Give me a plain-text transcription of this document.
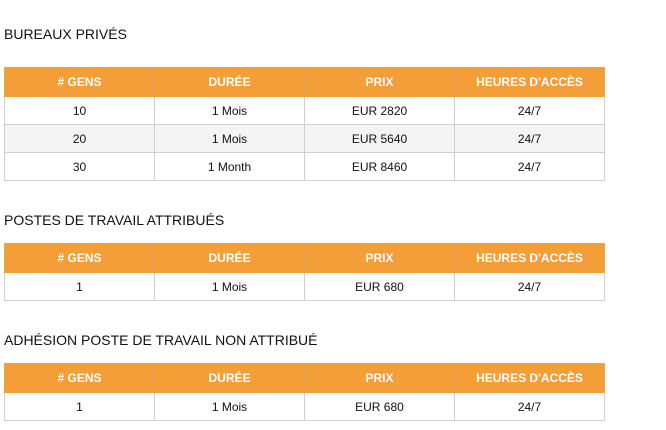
BUREAUX PRIVÉS
# GENS	DURÉE	PRIX	HEURES D'ACCÈS
10	1 Mois	EUR 2820	24/7
20	1 Mois	EUR 5640	24/7
30	1 Month	EUR 8460	24/7
POSTES DE TRAVAIL ATTRIBUÉS
# GENS	DURÉE	PRIX	HEURES D'ACCÈS
1	1 Mois	EUR 680	24/7
ADHÉSION POSTE DE TRAVAIL NON ATTRIBUÉ
# GENS	DURÉE	PRIX	HEURES D'ACCÈS
1	1 Mois	EUR 680	24/7
